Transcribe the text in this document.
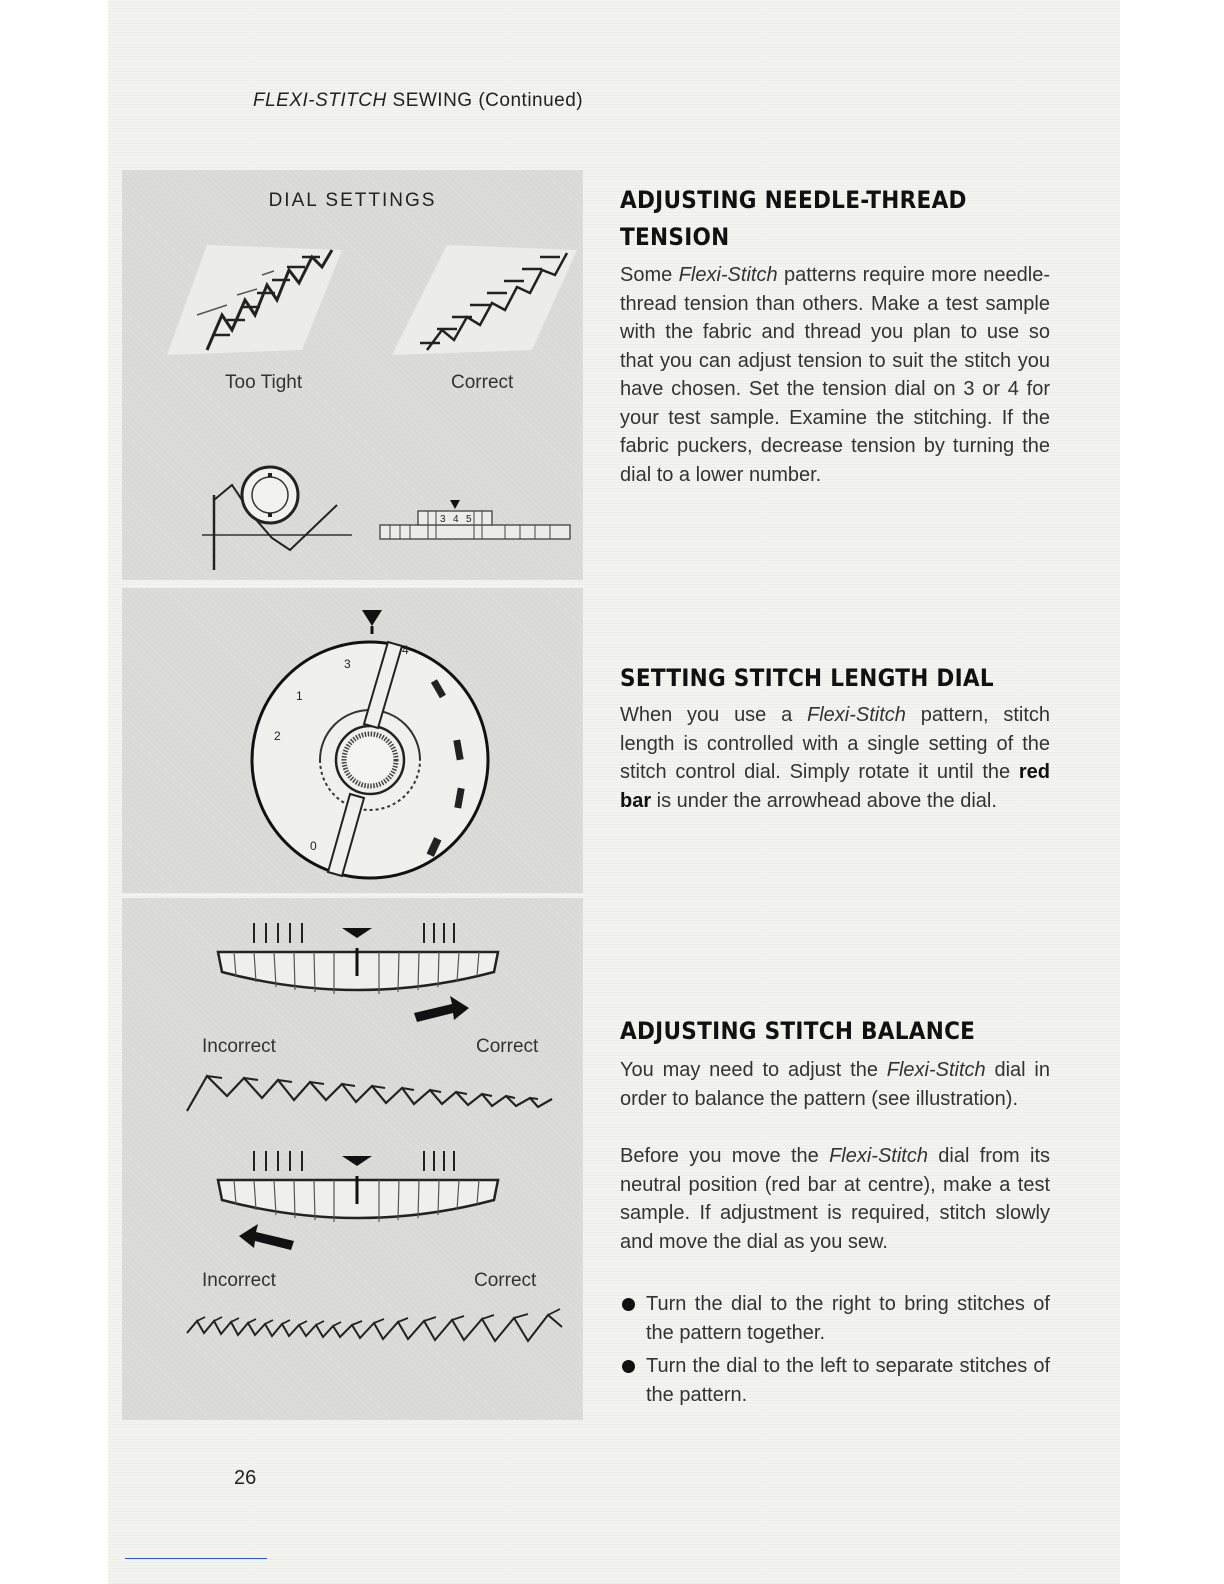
FLEXI-STITCH SEWING (Continued)
DIAL SETTINGS
Too Tight	Correct
3 4 5
4
3
2
1
0
Incorrect	Correct
Incorrect	Correct
ADJUSTING NEEDLE-THREAD
TENSION

Some Flexi-Stitch patterns require more needle-thread tension than others. Make a test sample with the fabric and thread you plan to use so that you can adjust tension to suit the stitch you have chosen. Set the tension dial on 3 or 4 for your test sample. Examine the stitching. If the fabric puckers, decrease tension by turning the dial to a lower number.

SETTING STITCH LENGTH DIAL

When you use a Flexi-Stitch pattern, stitch length is controlled with a single setting of the stitch control dial. Simply rotate it until the red bar is under the arrowhead above the dial.

ADJUSTING STITCH BALANCE

You may need to adjust the Flexi-Stitch dial in order to balance the pattern (see illustration).

Before you move the Flexi-Stitch dial from its neutral position (red bar at centre), make a test sample. If adjustment is required, stitch slowly and move the dial as you sew.

Turn the dial to the right to bring stitches of the pattern together.
Turn the dial to the left to separate stitches of the pattern.
26
